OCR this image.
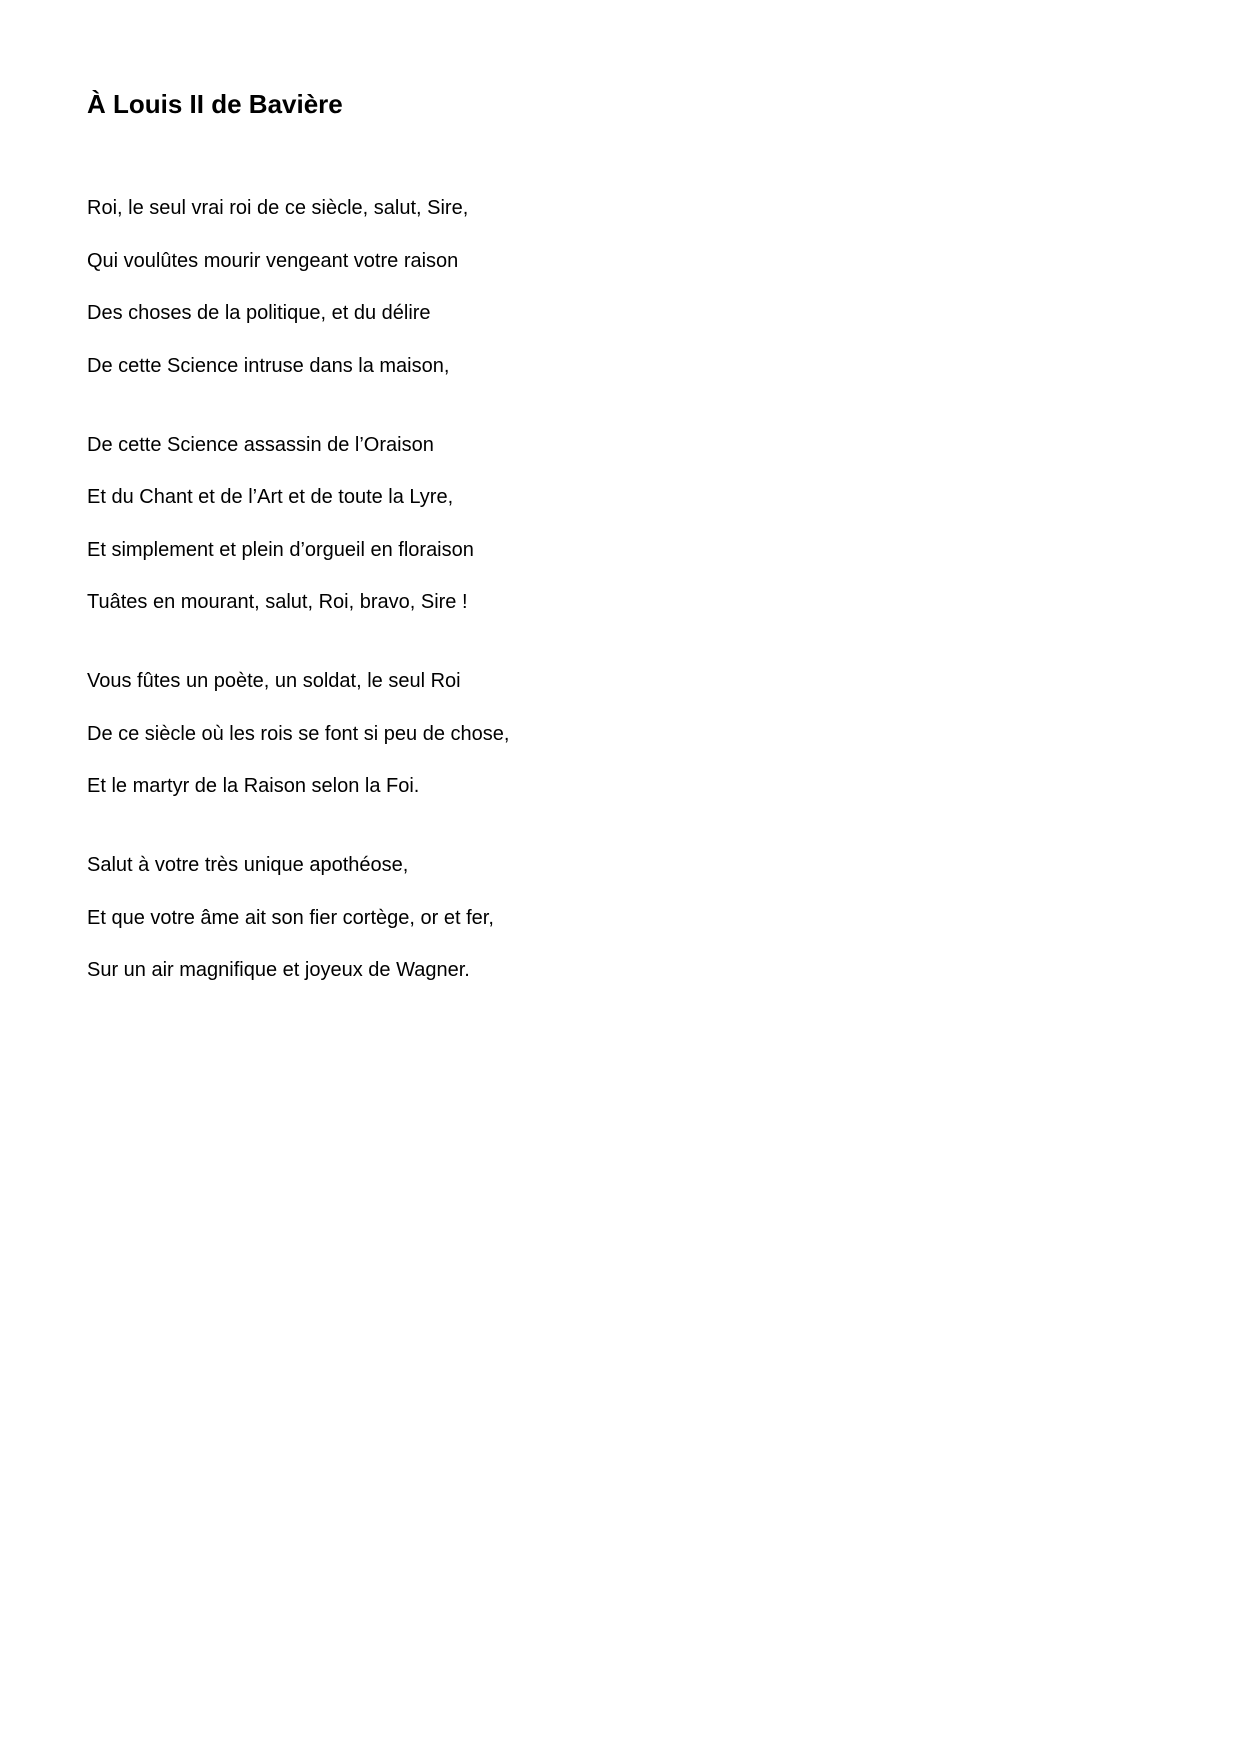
À Louis II de Bavière
Roi, le seul vrai roi de ce siècle, salut, Sire,
Qui voulûtes mourir vengeant votre raison
Des choses de la politique, et du délire
De cette Science intruse dans la maison,
De cette Science assassin de l’Oraison
Et du Chant et de l’Art et de toute la Lyre,
Et simplement et plein d’orgueil en floraison
Tuâtes en mourant, salut, Roi, bravo, Sire !
Vous fûtes un poète, un soldat, le seul Roi
De ce siècle où les rois se font si peu de chose,
Et le martyr de la Raison selon la Foi.
Salut à votre très unique apothéose,
Et que votre âme ait son fier cortège, or et fer,
Sur un air magnifique et joyeux de Wagner.
